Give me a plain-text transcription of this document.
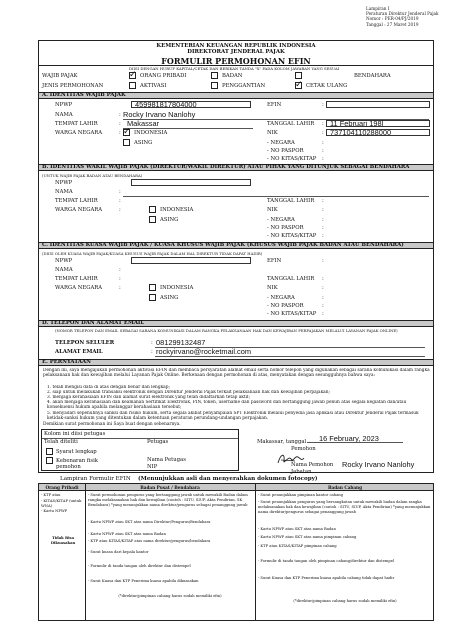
Lampiran I
Peraturan Direktur Jenderal Pajak
Nomor : PER-04/PJ/2019
Tanggal : 27 Maret 2019
KEMENTERIAN KEUANGAN REPUBLIK INDONESIA
DIREKTORAT JENDERAL PAJAK
FORMULIR PERMOHONAN EFIN
DIISI DENGAN HURUF KAPITAL/CETAK DAN BERIKAN TANDA "X" PADA KOLOM JAWABAN YANG SESUAI
WAJIB PAJAK	✓ ORANG PRIBADI	BADAN	BENDAHARA
JENIS PERMOHONAN	AKTIVASI	PENGGANTIAN	✓ CETAK ULANG
A. IDENTITAS WAJIB PAJAK
NPWP	459981817804000	EFIN	:
NAMA	: Rocky Irvano Nanlohy
TEMPAT LAHIR	: Makassar	TANGGAL LAHIR : 11 Februari 198l
WARGA NEGARA	: ✓ INDONESIA	NIK	: 737104110288000
ASING	- NEGARA	:
- NO PASPOR	:
- NO KITAS/KITAP :
B. IDENTITAS WAKIL WAJIB PAJAK (DIREKTUR/WAKIL DIREKTUR) ATAU PIHAK YANG DITUNJUK SEBAGAI BENDAHARA
(UNTUK WAJIB PAJAK BADAN ATAU BENDAHARA)
NPWP
NAMA	:
TEMPAT LAHIR	:	TANGGAL LAHIR :
WARGA NEGARA	:	INDONESIA	NIK	:
ASING	- NEGARA	:
- NO PASPOR	:
- NO KITAS/KITAP :
C. IDENTITAS KUASA WAJIB PAJAK / KUASA KHUSUS WAJIB PAJAK (KHUSUS WAJIB PAJAK BADAN ATAU BENDAHARA)
(DIISI OLEH KUASA WAJIB PAJAK/KUASA KHUSUS WAJIB PAJAK DALAM HAL DIREKTUR TIDAK DAPAT HADIR)
NPWP	EFIN	:
NAMA	:
TEMPAT LAHIR	:	TANGGAL LAHIR :
WARGA NEGARA	:	INDONESIA	NIK	:
ASING	- NEGARA	:
- NO PASPOR	:
- NO KITAS/KITAP :
D. TELEPON DAN ALAMAT EMAIL
(NOMOR TELEPON DAN EMAIL SEBAGAI SARANA KOMUNIKASI DALAM RANGKA PELAKSANAAN HAK DAN KEWAJIBAN PERPAJAKAN MELALUI LAYANAN PAJAK ONLINE)
TELEPON SELULER	: 081299132487
ALAMAT EMAIL	: rockyirvano@rocketmail.com
E. PERNYATAAN
Dengan ini, saya mengajukan permohonan aktivasi EFIN dan membaca persyaratan alamat email serta nomor telepon yang digunakan sebagai sarana komunikasi dalam rangka pelaksanaan hak dan kewajiban melalui Layanan Pajak Online. Berkenaan dengan permohonan di atas, menyatakan dengan sesungguhnya bahwa saya:
1. telah mengisi data di atas dengan benar dan lengkap;
2. siap untuk melakukan transaksi elektronik dengan Direktur Jenderal Pajak terkait pelaksanaan hak dan kewajiban perpajakan;
3. menjaga kerahasiaan EFIN dan alamat surat elektronik yang telah didaftarkan tetap aktif;
4. akan menjaga kerahasiaan dan keamanan Sertifikat Elektronik, PIN, token, username dan password dan bertanggung jawab penuh atas segala kegiatan dan/atau konsekuensi hukum apabila melanggar kerahasiaan tersebut;
5. menyadari sepenuhnya sanksi dan risiko hukum, serta segala akibat penyampaian SPT Elektronik melalui penyedia jasa aplikasi atau Direktur Jenderal Pajak termasuk ketidak-sanksi hukum yang ditentukan dalam ketentuan peraturan perundang-undangan perpajakan.
Demikian surat permohonan ini Saya buat dengan sebenarnya.
Kolom ini diisi petugas
Telah diteliti	Petugas
Syarat lengkap
Kebenaran fisik
pemohon
Nama Petugas
NIP
Makassar, tanggal 16 February, 2023
Pemohon
Nama Pemohon Rocky Irvano Nanlohy
Jabatan
Lampiran Formulir EFIN (Menunjukkan asli dan menyerahkan dokumen fotocopy)
Orang Pribadi	Badan Pusat / Bendahara	Badan Cabang
- KTP atau
- KITAS/KITAP (untuk WNA)
- Kartu NPWP
Tidak Bisa Dikuasakan
- Surat permohonan pengurus yang bertanggung jawab untuk mewakili Badan dalam rangka melaksanakan hak dan kewajiban (contoh : SITU, SIUP, Akta Pendirian, SK Bendahara) *yang menunjukkan nama direktur/pengurus sebagai penanggung jawab
- Kartu NPWP atau SKT atas nama Direktur/Pengurus/Bendahara
- Kartu NPWP atau SKT atas nama Badan
- KTP atau KITAS/KITAP atas nama direktur/pengurus/bendahara
- Surat kuasa dari kepala kantor
- Formulir di tanda tangan oleh direktur dan distempel
- Surat Kuasa dan KTP Penerima kuasa apabila dikuasakan
(*direktur/pimpinan cabang harus sudah memiliki efin)
- Surat penunjukkan pimpinan kantor cabang
- Surat penunjukkan pengurus yang bersangkutan untuk mewakili badan dalam rangka melaksanakan hak dan kewajiban (contoh : SITU, SIUP, Akta Pendirian) *yang menunjukkan nama direktur/pengurus sebagai penanggung jawab
- Kartu NPWP atau SKT atas nama Badan
- Kartu NPWP atau SKT atas nama pimpinan cabang
- KTP atau KITAS/KITAP pimpinan cabang
- Formulir di tanda tangan oleh pimpinan cabang/direktur dan distempel
- Surat Kuasa dan KTP Penerima kuasa apabila cabang tidak dapat hadir
(*direktur/pimpinan cabang harus sudah memiliki efin)
